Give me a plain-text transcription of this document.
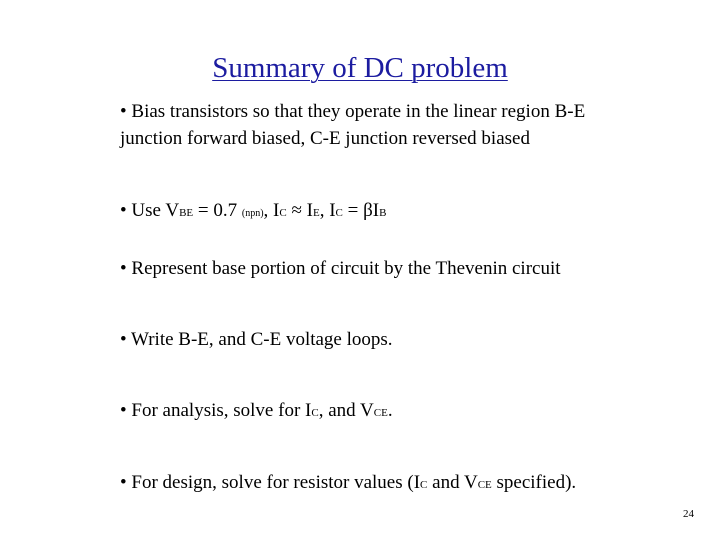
Summary of DC problem
• Bias transistors so that they operate in the linear region B-E
junction forward biased, C-E junction reversed biased
• Use VBE = 0.7 (npn), IC ≈ IE, IC = βIB
• Represent base portion of circuit by the Thevenin circuit
• Write B-E, and C-E voltage loops.
• For analysis, solve for IC, and VCE.
• For design, solve for resistor values (IC and VCE specified).
24
